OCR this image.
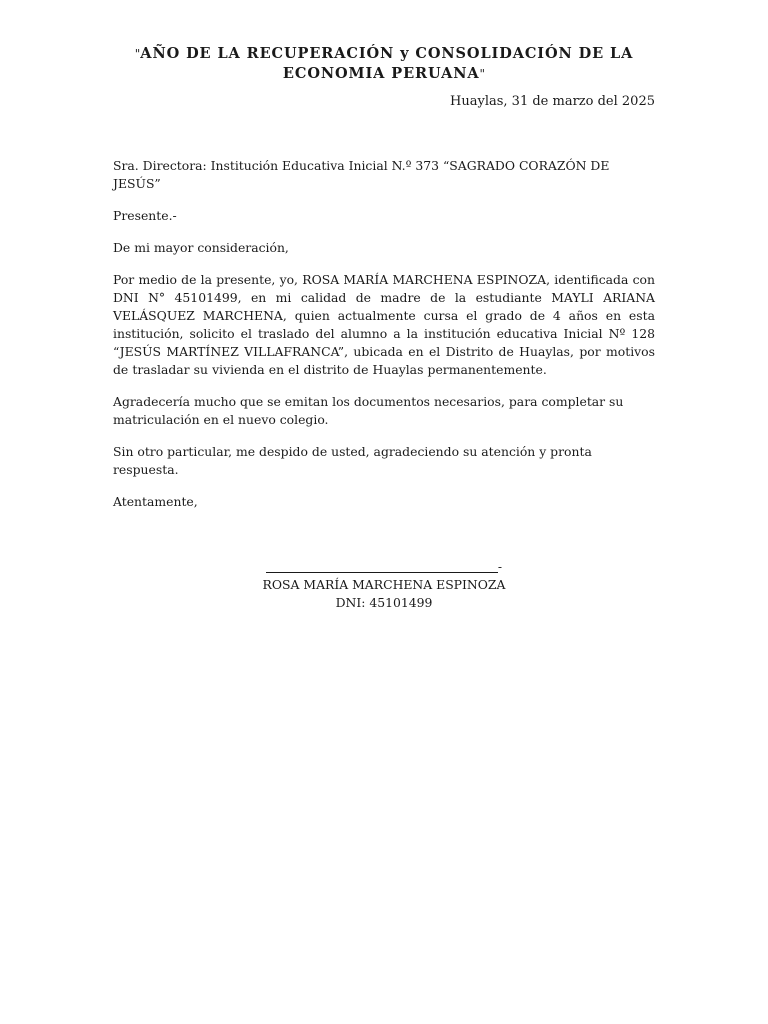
"AÑO DE LA RECUPERACIÓN y CONSOLIDACIÓN DE LA
ECONOMIA PERUANA"
Huaylas, 31 de marzo del 2025

Sra. Directora: Institución Educativa Inicial N.º 373 “SAGRADO CORAZÓN DE JESÚS”

Presente.-

De mi mayor consideración,

Por medio de la presente, yo, ROSA MARÍA MARCHENA ESPINOZA, identificada con DNI N° 45101499, en mi calidad de madre de la estudiante MAYLI ARIANA VELÁSQUEZ MARCHENA, quien actualmente cursa el grado de 4 años en esta institución, solicito el traslado del alumno a la institución educativa Inicial Nº 128 “JESÚS MARTÍNEZ VILLAFRANCA”, ubicada en el Distrito de Huaylas, por motivos de trasladar su vivienda en el distrito de Huaylas permanentemente.

Agradecería mucho que se emitan los documentos necesarios, para completar su matriculación en el nuevo colegio.

Sin otro particular, me despido de usted, agradeciendo su atención y pronta respuesta.

Atentamente,

-
ROSA MARÍA MARCHENA ESPINOZA
DNI: 45101499
